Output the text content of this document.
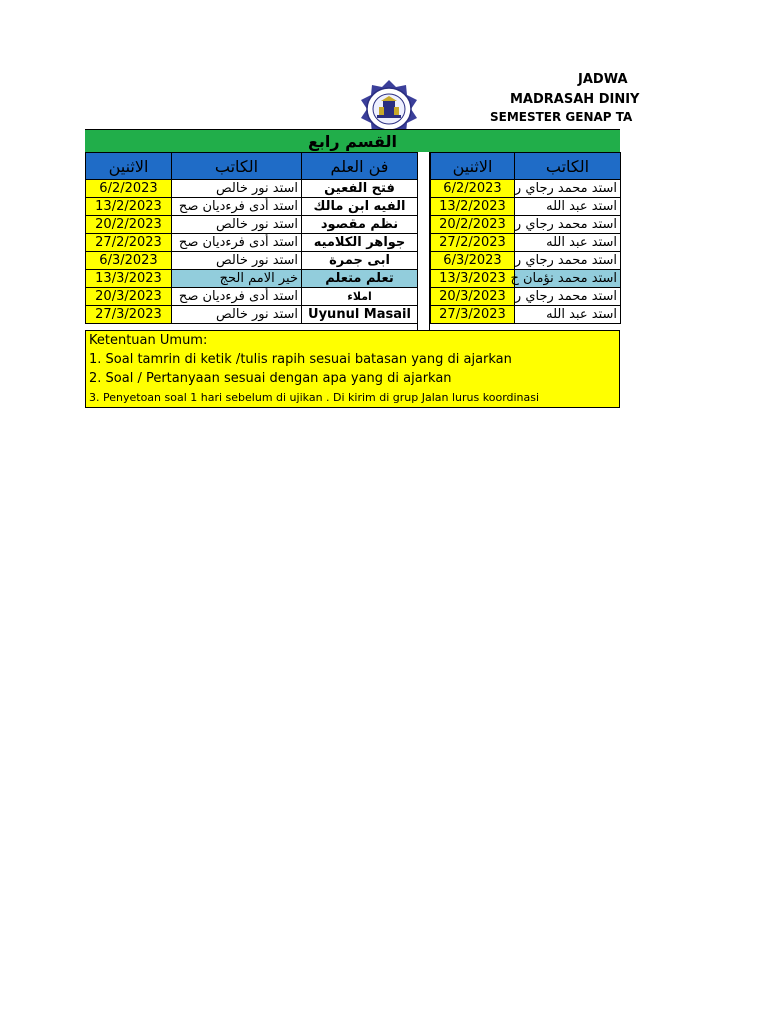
JADWA
MADRASAH DINIY
SEMESTER GENAP TA
القسم رابع
الاثنين	الكاتب	فن العلم
6/2/2023	استد نور خالص	فتح الفعين
13/2/2023	استد أدى فرءديان صح	الفيه ابن مالك
20/2/2023	استد نور خالص	نظم مقصود
27/2/2023	استد أدى فرءديان صح	جواهر الكلاميه
6/3/2023	استد نور خالص	ابى جمرة
13/3/2023	خير الامم الحج	تعلم متعلم
20/3/2023	استد أدى فرءديان صح	املاء
27/3/2023	استد نور خالص	Uyunul Masail
الاثنين	الكاتب
6/2/2023	استد محمد رجاي ر
13/2/2023	استد عبد الله
20/2/2023	استد محمد رجاي ر
27/2/2023	استد عبد الله
6/3/2023	استد محمد رجاي ر
13/3/2023	استد محمد نؤمان خ
20/3/2023	استد محمد رجاي ر
27/3/2023	استد عبد الله
Ketentuan Umum:
1. Soal tamrin di ketik /tulis rapih sesuai batasan yang di ajarkan
2. Soal / Pertanyaan sesuai dengan apa yang di ajarkan
3. Penyetoan soal 1 hari sebelum di ujikan . Di kirim di grup Jalan lurus koordinasi
